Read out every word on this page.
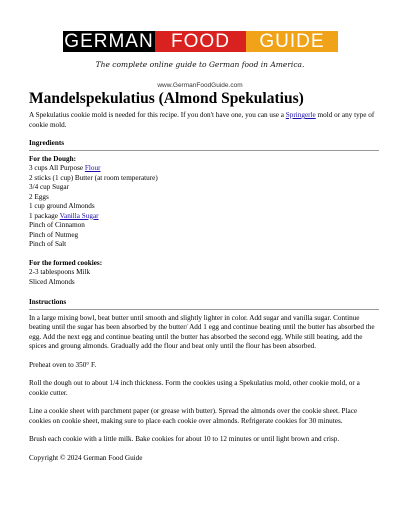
GERMAN FOOD GUIDE
The complete online guide to German food in America.
www.GermanFoodGuide.com
Mandelspekulatius (Almond Spekulatius)

A Spekulatius cookie mold is needed for this recipe. If you don't have one, you can use a Springerle mold or any type of cookie mold.

Ingredients
For the Dough:

3 cups All Purpose Flour

2 sticks (1 cup) Butter (at room temperature)

3/4 cup Sugar

2 Eggs

1 cup ground Almonds

1 package Vanilla Sugar

Pinch of Cinnamon

Pinch of Nutmeg

Pinch of Salt

For the formed cookies:

2-3 tablespoons Milk

Sliced Almonds

Instructions

In a large mixing bowl, beat butter until smooth and slightly lighter in color. Add sugar and vanilla sugar. Continue beating until the sugar has been absorbed by the butter/ Add 1 egg and continue beating until the butter has absorbed the egg. Add the next egg and continue beating until the butter has absorbed the second egg. While still beating, add the spices and groung almonds. Gradually add the flour and beat only until the flour has been absorbed.

Preheat oven to 350° F.

Roll the dough out to about 1/4 inch thickness. Form the cookies using a Spekulatius mold, other cookie mold, or a cookie cutter.

Line a cookie sheet with parchment paper (or grease with butter). Spread the almonds over the cookie sheet. Place cookies on cookie sheet, making sure to place each cookie over almonds. Refrigerate cookies for 30 minutes.

Brush each cookie with a little milk. Bake cookies for about 10 to 12 minutes or until light brown and crisp.

Copyright © 2024 German Food Guide
